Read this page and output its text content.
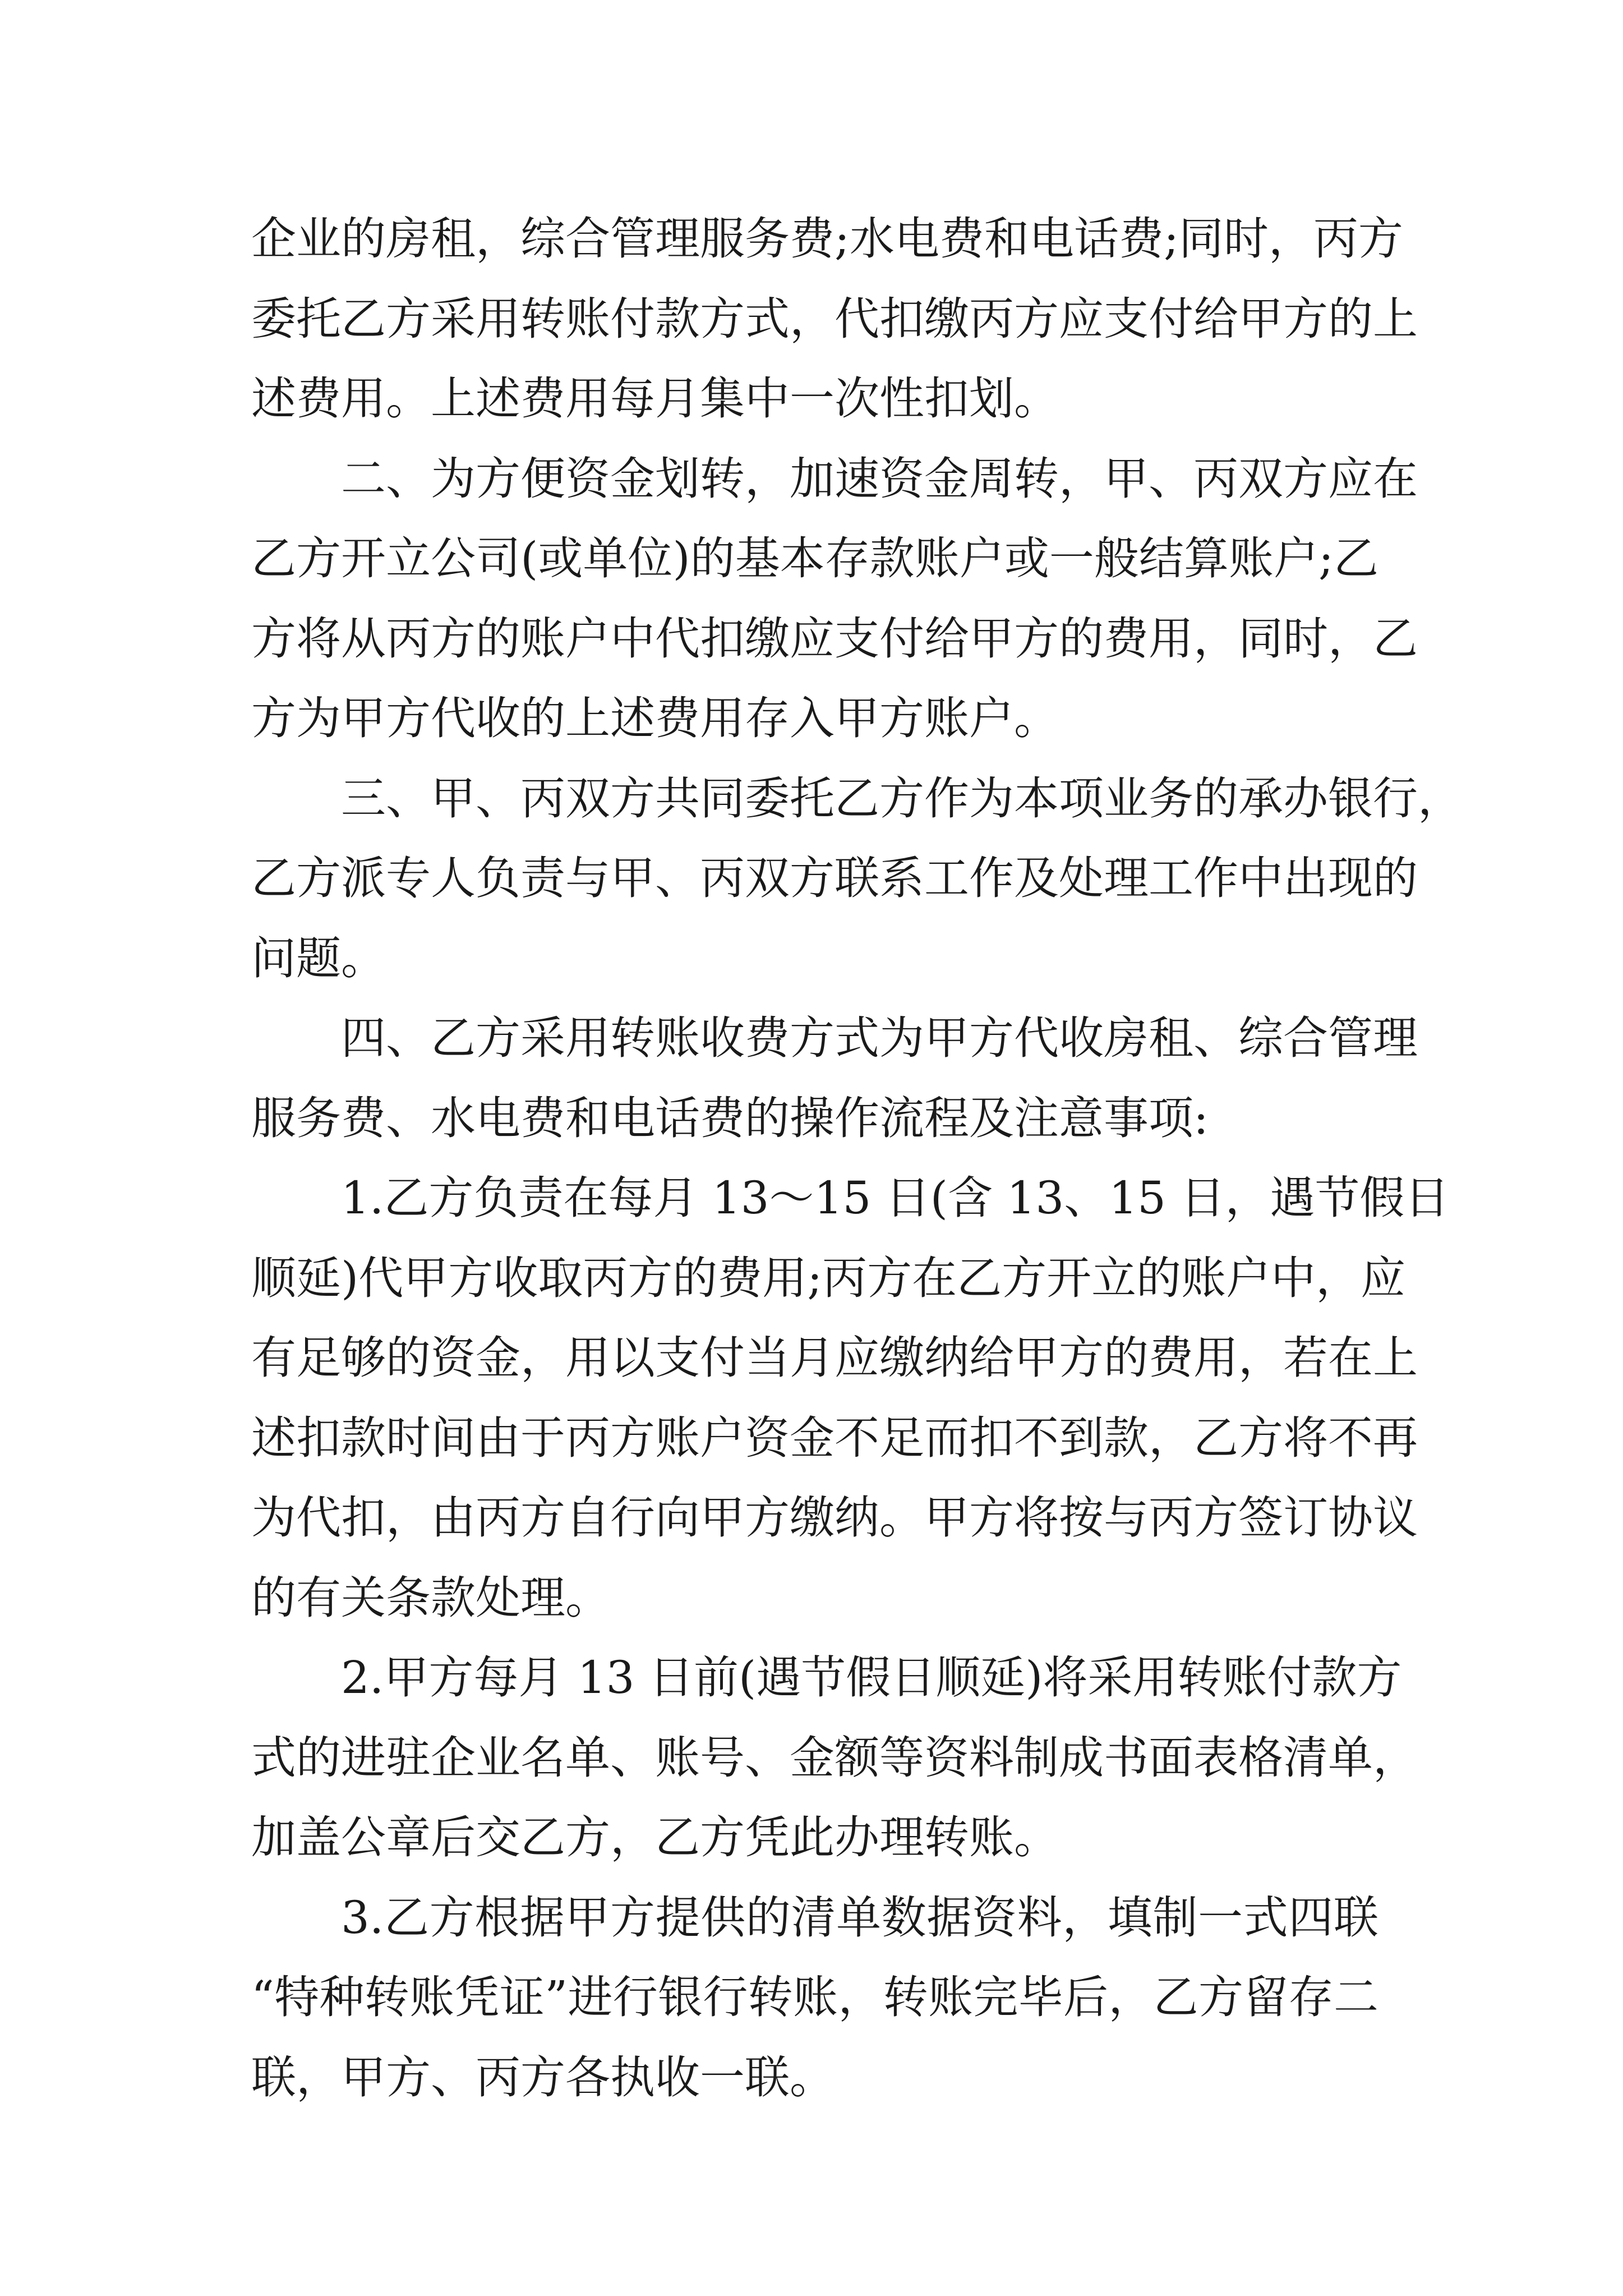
企业的房租，综合管理服务费;水电费和电话费;同时，丙方
委托乙方采用转账付款方式，代扣缴丙方应支付给甲方的上
述费用。上述费用每月集中一次性扣划。

二、为方便资金划转，加速资金周转，甲、丙双方应在
乙方开立公司(或单位)的基本存款账户或一般结算账户;乙
方将从丙方的账户中代扣缴应支付给甲方的费用，同时，乙
方为甲方代收的上述费用存入甲方账户。

三、甲、丙双方共同委托乙方作为本项业务的承办银行，
乙方派专人负责与甲、丙双方联系工作及处理工作中出现的
问题。

四、乙方采用转账收费方式为甲方代收房租、综合管理
服务费、水电费和电话费的操作流程及注意事项:

1.乙方负责在每月 13～15 日(含 13、15 日，遇节假日
顺延)代甲方收取丙方的费用;丙方在乙方开立的账户中，应
有足够的资金，用以支付当月应缴纳给甲方的费用，若在上
述扣款时间由于丙方账户资金不足而扣不到款，乙方将不再
为代扣，由丙方自行向甲方缴纳。甲方将按与丙方签订协议
的有关条款处理。

2.甲方每月 13 日前(遇节假日顺延)将采用转账付款方
式的进驻企业名单、账号、金额等资料制成书面表格清单，
加盖公章后交乙方，乙方凭此办理转账。

3.乙方根据甲方提供的清单数据资料，填制一式四联
“特种转账凭证”进行银行转账，转账完毕后，乙方留存二
联，甲方、丙方各执收一联。
